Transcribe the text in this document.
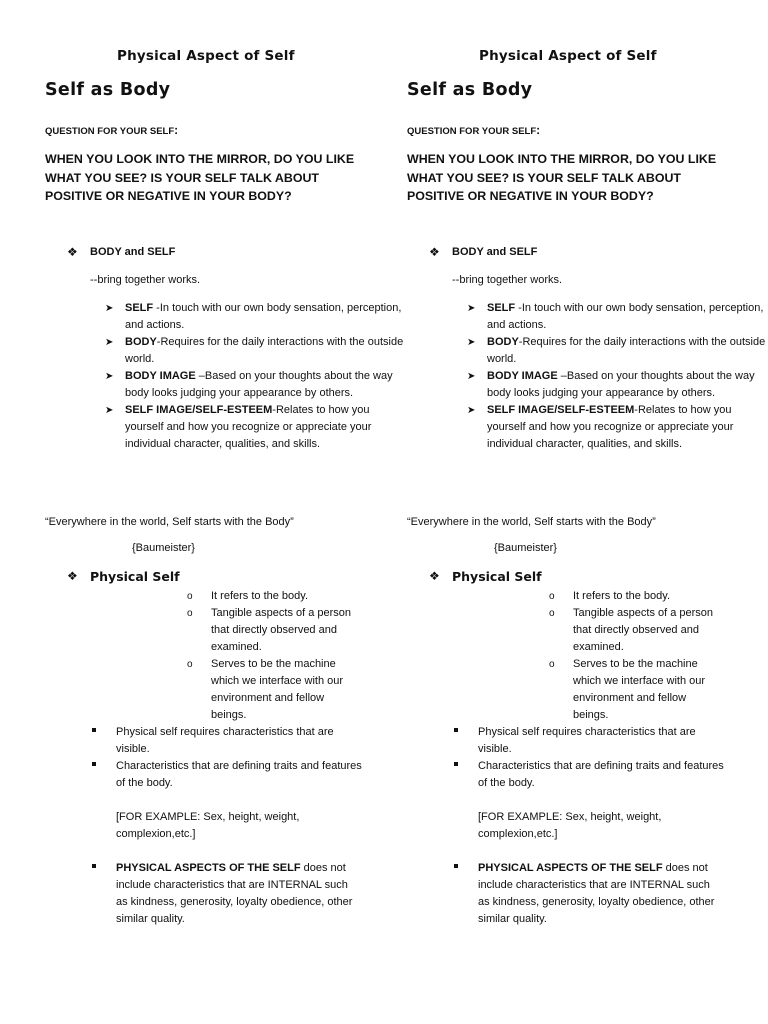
Physical Aspect of Self
Self as Body
QUESTION FOR YOUR SELF:
WHEN YOU LOOK INTO THE MIRROR, DO YOU LIKE WHAT YOU SEE? IS YOUR SELF TALK ABOUT POSITIVE OR NEGATIVE IN YOUR BODY?
❖ BODY and SELF
--bring together works.
➤ SELF -In touch with our own body sensation, perception, and actions.
➤ BODY-Requires for the daily interactions with the outside world.
➤ BODY IMAGE –Based on your thoughts about the way body looks judging your appearance by others.
➤ SELF IMAGE/SELF-ESTEEM-Relates to how you yourself and how you recognize or appreciate your individual character, qualities, and skills.
“Everywhere in the world, Self starts with the Body”
{Baumeister}
❖ Physical Self
o It refers to the body.
o Tangible aspects of a person that directly observed and examined.
o Serves to be the machine which we interface with our environment and fellow beings.
Physical self requires characteristics that are visible.
Characteristics that are defining traits and features of the body.
[FOR EXAMPLE: Sex, height, weight, complexion,etc.]
PHYSICAL ASPECTS OF THE SELF does not include characteristics that are INTERNAL such as kindness, generosity, loyalty obedience, other similar quality.
Physical Aspect of Self
Self as Body
QUESTION FOR YOUR SELF:
WHEN YOU LOOK INTO THE MIRROR, DO YOU LIKE WHAT YOU SEE? IS YOUR SELF TALK ABOUT POSITIVE OR NEGATIVE IN YOUR BODY?
❖ BODY and SELF
--bring together works.
➤ SELF -In touch with our own body sensation, perception, and actions.
➤ BODY-Requires for the daily interactions with the outside world.
➤ BODY IMAGE –Based on your thoughts about the way body looks judging your appearance by others.
➤ SELF IMAGE/SELF-ESTEEM-Relates to how you yourself and how you recognize or appreciate your individual character, qualities, and skills.
“Everywhere in the world, Self starts with the Body”
{Baumeister}
❖ Physical Self
o It refers to the body.
o Tangible aspects of a person that directly observed and examined.
o Serves to be the machine which we interface with our environment and fellow beings.
Physical self requires characteristics that are visible.
Characteristics that are defining traits and features of the body.
[FOR EXAMPLE: Sex, height, weight, complexion,etc.]
PHYSICAL ASPECTS OF THE SELF does not include characteristics that are INTERNAL such as kindness, generosity, loyalty obedience, other similar quality.
